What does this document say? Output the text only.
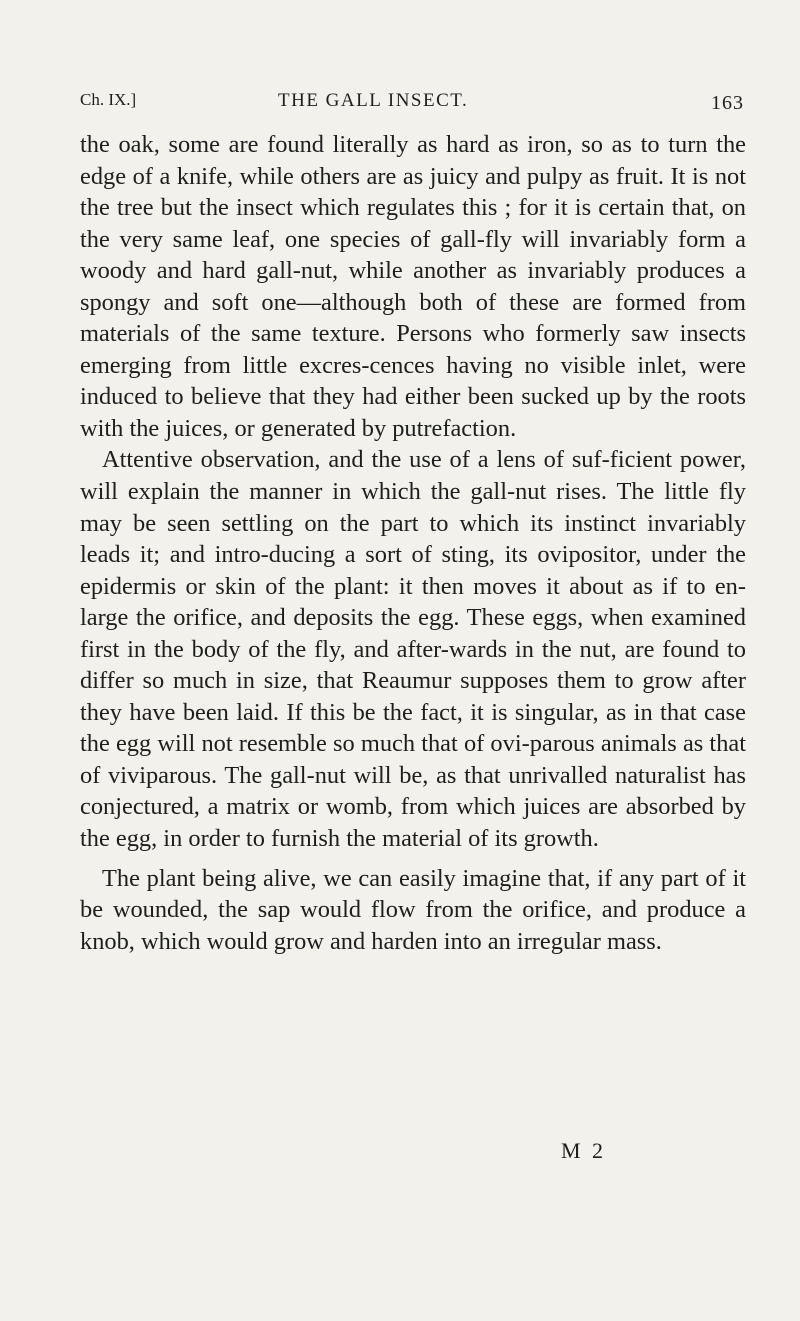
Ch. IX.]	THE GALL INSECT.	163

the oak, some are found literally as hard as iron, so as to turn the edge of a knife, while others are as juicy and pulpy as fruit. It is not the tree but the insect which regulates this ; for it is certain that, on the very same leaf, one species of gall-fly will invariably form a woody and hard gall-nut, while another as invariably produces a spongy and soft one—although both of these are formed from materials of the same texture. Persons who formerly saw insects emerging from little excres-cences having no visible inlet, were induced to believe that they had either been sucked up by the roots with the juices, or generated by putrefaction.

Attentive observation, and the use of a lens of suf-ficient power, will explain the manner in which the gall-nut rises. The little fly may be seen settling on the part to which its instinct invariably leads it; and intro-ducing a sort of sting, its ovipositor, under the epidermis or skin of the plant: it then moves it about as if to en-large the orifice, and deposits the egg. These eggs, when examined first in the body of the fly, and after-wards in the nut, are found to differ so much in size, that Reaumur supposes them to grow after they have been laid. If this be the fact, it is singular, as in that case the egg will not resemble so much that of ovi-parous animals as that of viviparous. The gall-nut will be, as that unrivalled naturalist has conjectured, a matrix or womb, from which juices are absorbed by the egg, in order to furnish the material of its growth.

The plant being alive, we can easily imagine that, if any part of it be wounded, the sap would flow from the orifice, and produce a knob, which would grow and harden into an irregular mass.

M 2
